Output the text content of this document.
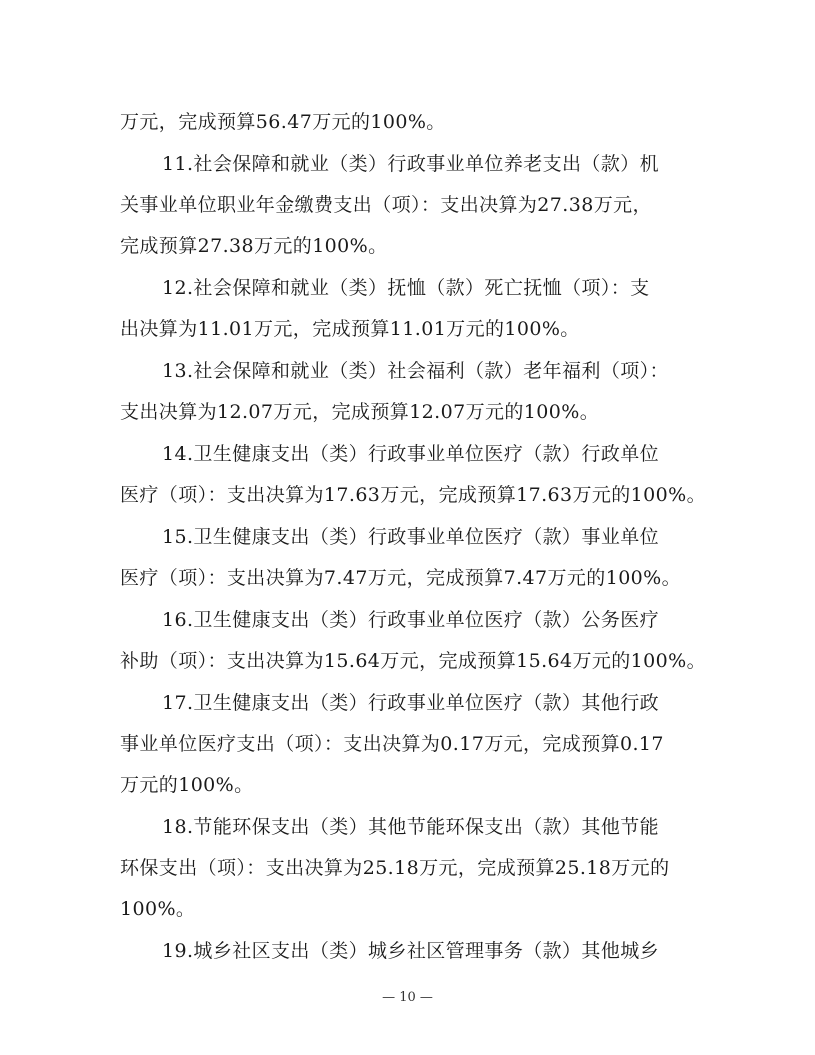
万元，完成预算56.47万元的100%。
11.社会保障和就业（类）行政事业单位养老支出（款）机
关事业单位职业年金缴费支出（项）：支出决算为27.38万元，
完成预算27.38万元的100%。
12.社会保障和就业（类）抚恤（款）死亡抚恤（项）：支
出决算为11.01万元，完成预算11.01万元的100%。
13.社会保障和就业（类）社会福利（款）老年福利（项）：
支出决算为12.07万元，完成预算12.07万元的100%。
14.卫生健康支出（类）行政事业单位医疗（款）行政单位
医疗（项）：支出决算为17.63万元，完成预算17.63万元的100%。
15.卫生健康支出（类）行政事业单位医疗（款）事业单位
医疗（项）：支出决算为7.47万元，完成预算7.47万元的100%。
16.卫生健康支出（类）行政事业单位医疗（款）公务医疗
补助（项）：支出决算为15.64万元，完成预算15.64万元的100%。
17.卫生健康支出（类）行政事业单位医疗（款）其他行政
事业单位医疗支出（项）：支出决算为0.17万元，完成预算0.17
万元的100%。
18.节能环保支出（类）其他节能环保支出（款）其他节能
环保支出（项）：支出决算为25.18万元，完成预算25.18万元的
100%。
19.城乡社区支出（类）城乡社区管理事务（款）其他城乡
— 10 —
